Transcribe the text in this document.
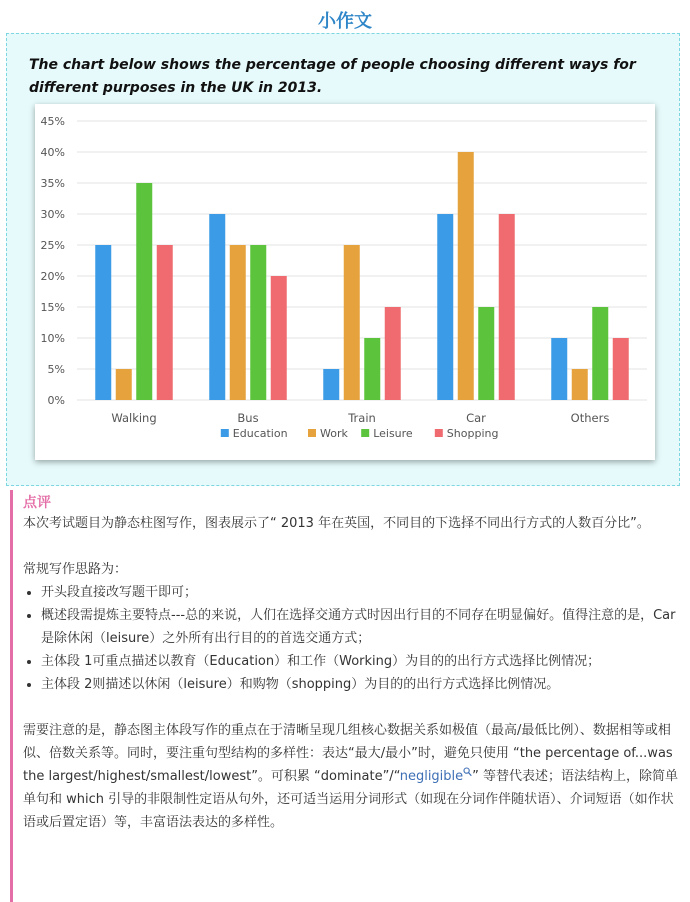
小作文
The chart below shows the percentage of people choosing different ways for different purposes in the UK in 2013.
0%
5%
10%
15%
20%
25%
30%
35%
40%
45%
Walking	Bus	Train	Car	Others
Education	Work Leisure	Shopping
点评

本次考试题目为静态柱图写作，图表展示了“ 2013 年在英国，不同目的下选择不同出行方式的人数百分比”。

常规写作思路为：

• 开头段直接改写题干即可；
• 概述段需提炼主要特点---总的来说，人们在选择交通方式时因出行目的不同存在明显偏好。值得注意的是，Car是除休闲（leisure）之外所有出行目的的首选交通方式；
• 主体段 1可重点描述以教育（Education）和工作（Working）为目的的出行方式选择比例情况；
• 主体段 2则描述以休闲（leisure）和购物（shopping）为目的的出行方式选择比例情况。

需要注意的是，静态图主体段写作的重点在于清晰呈现几组核心数据关系如极值（最高/最低比例）、数据相等或相似、倍数关系等。同时，要注重句型结构的多样性：表达“最大/最小”时，避免只使用 “the percentage of...was the largest/highest/smallest/lowest”。可积累 “dominate”/“negligible ” 等替代表述；语法结构上，除简单单句和 which 引导的非限制性定语从句外，还可适当运用分词形式（如现在分词作伴随状语）、介词短语（如作状语或后置定语）等，丰富语法表达的多样性。
